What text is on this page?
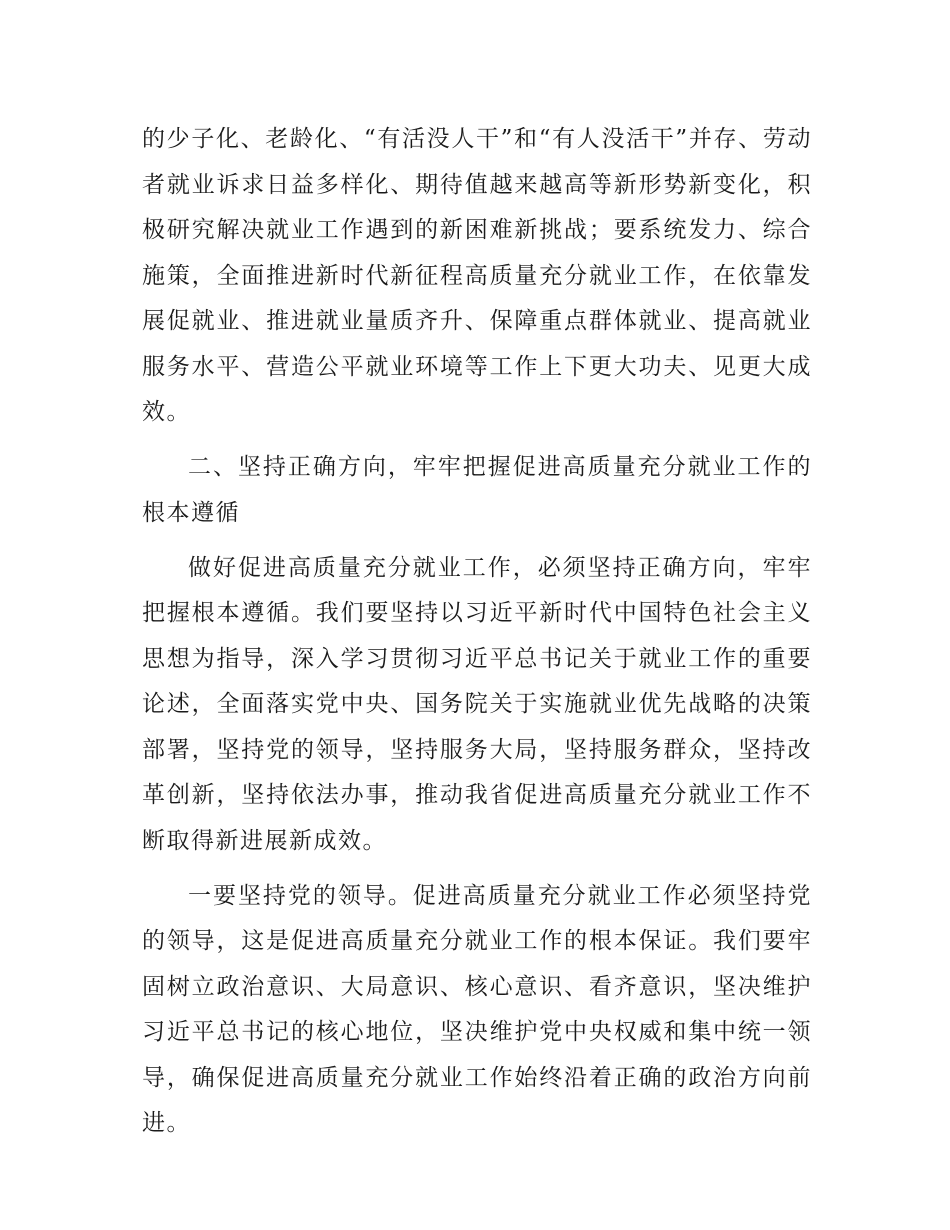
的少子化、老龄化、“有活没人干”和“有人没活干”并存、劳动者就业诉求日益多样化、期待值越来越高等新形势新变化，积极研究解决就业工作遇到的新困难新挑战；要系统发力、综合施策，全面推进新时代新征程高质量充分就业工作，在依靠发展促就业、推进就业量质齐升、保障重点群体就业、提高就业服务水平、营造公平就业环境等工作上下更大功夫、见更大成效。

二、坚持正确方向，牢牢把握促进高质量充分就业工作的根本遵循

做好促进高质量充分就业工作，必须坚持正确方向，牢牢把握根本遵循。我们要坚持以习近平新时代中国特色社会主义思想为指导，深入学习贯彻习近平总书记关于就业工作的重要论述，全面落实党中央、国务院关于实施就业优先战略的决策部署，坚持党的领导，坚持服务大局，坚持服务群众，坚持改革创新，坚持依法办事，推动我省促进高质量充分就业工作不断取得新进展新成效。

一要坚持党的领导。促进高质量充分就业工作必须坚持党的领导，这是促进高质量充分就业工作的根本保证。我们要牢固树立政治意识、大局意识、核心意识、看齐意识，坚决维护习近平总书记的核心地位，坚决维护党中央权威和集中统一领导，确保促进高质量充分就业工作始终沿着正确的政治方向前进。
